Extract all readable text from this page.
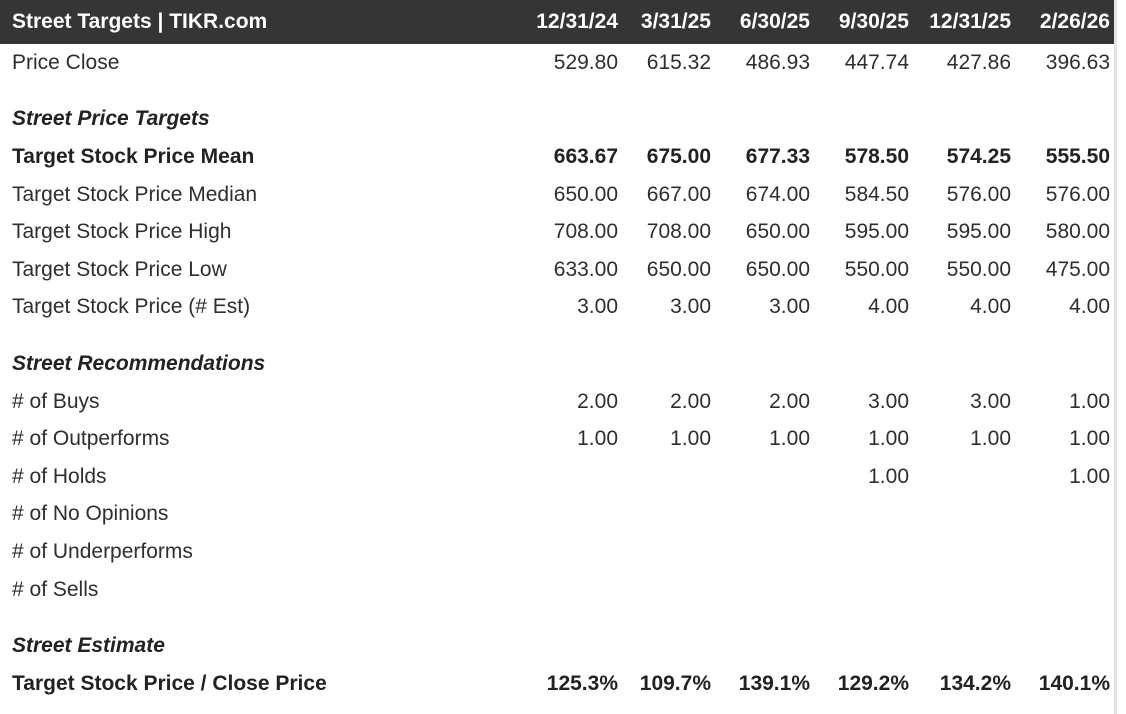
Street Targets | TIKR.com	12/31/24	3/31/25	6/30/25	9/30/25	12/31/25	2/26/26
Price Close	529.80	615.32	486.93	447.74	427.86	396.63

Street Price Targets						
Target Stock Price Mean	663.67	675.00	677.33	578.50	574.25	555.50
Target Stock Price Median	650.00	667.00	674.00	584.50	576.00	576.00
Target Stock Price High	708.00	708.00	650.00	595.00	595.00	580.00
Target Stock Price Low	633.00	650.00	650.00	550.00	550.00	475.00
Target Stock Price (# Est)	3.00	3.00	3.00	4.00	4.00	4.00

Street Recommendations						
# of Buys	2.00	2.00	2.00	3.00	3.00	1.00
# of Outperforms	1.00	1.00	1.00	1.00	1.00	1.00
# of Holds				1.00		1.00
# of No Opinions						
# of Underperforms						
# of Sells						

Street Estimate						
Target Stock Price / Close Price	125.3%	109.7%	139.1%	129.2%	134.2%	140.1%
